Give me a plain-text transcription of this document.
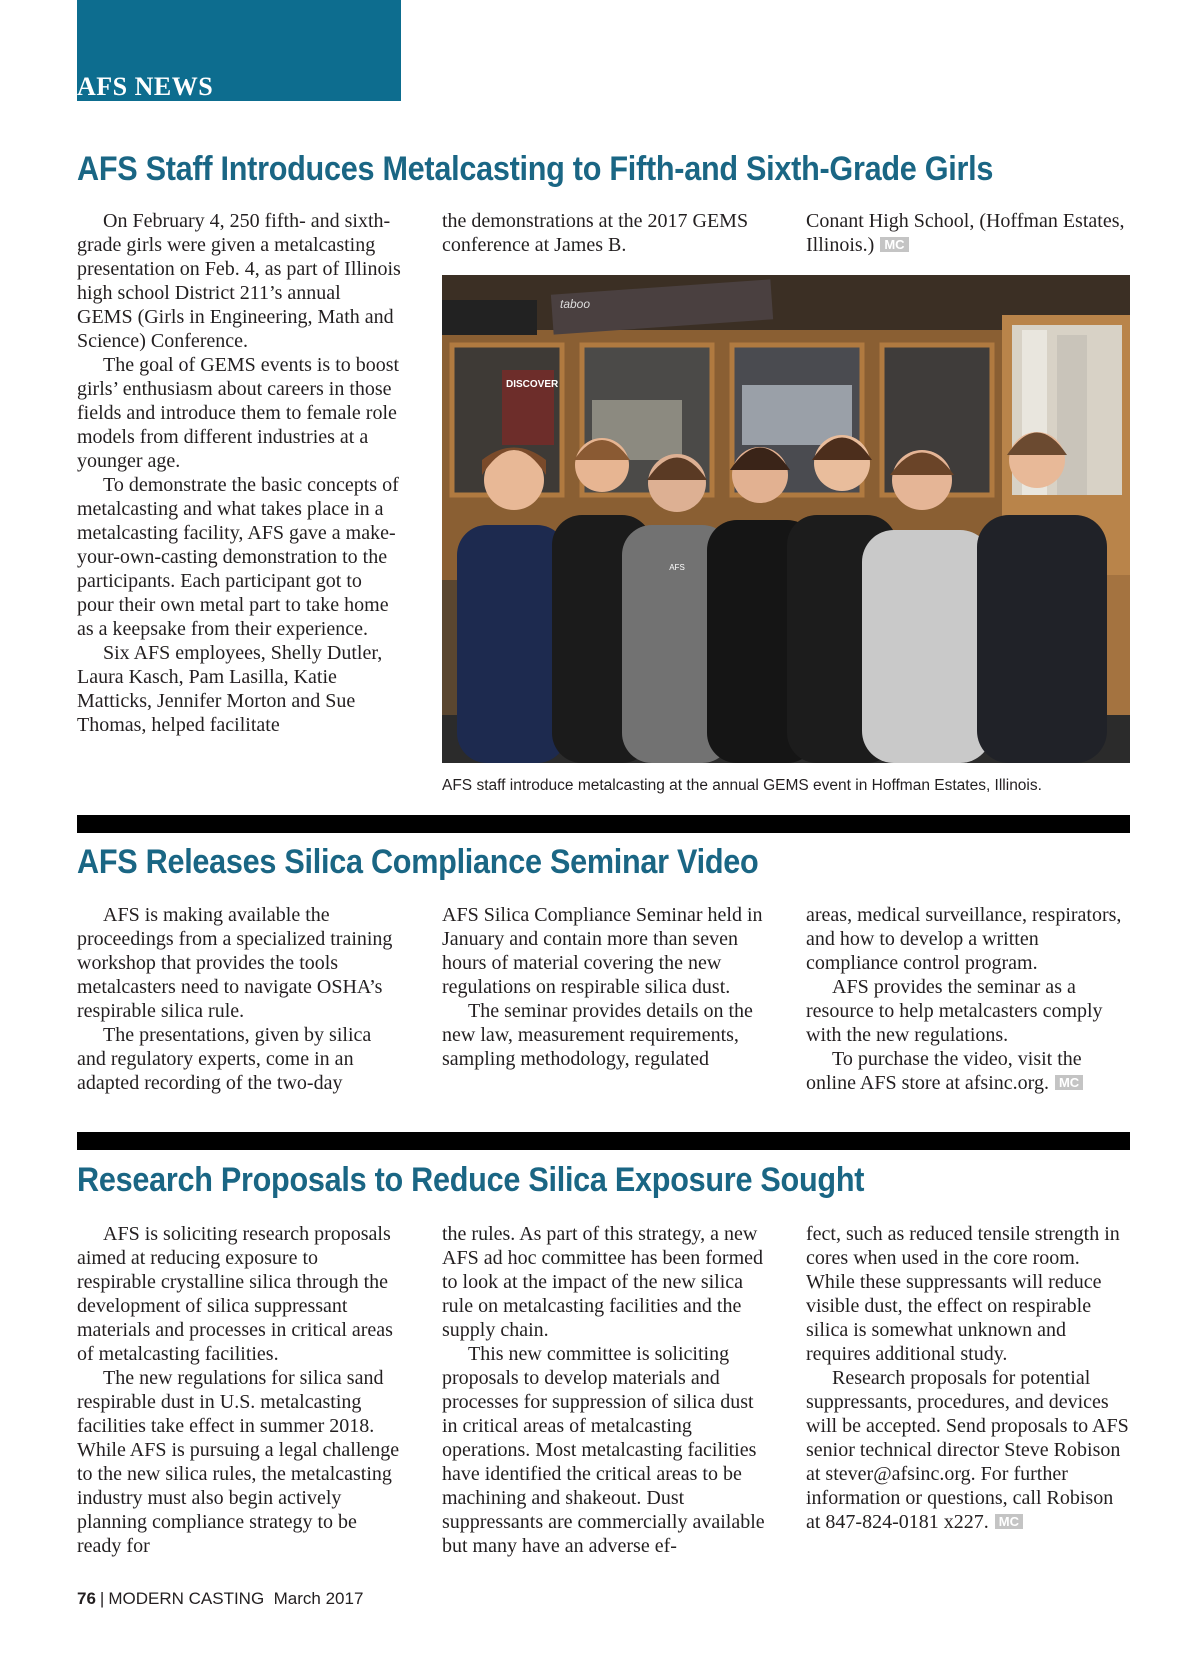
AFS NEWS
AFS Staff Introduces Metalcasting to Fifth-and Sixth-Grade Girls

On February 4, 250 fifth- and sixth-grade girls were given a metalcasting presentation on Feb. 4, as part of Illinois high school District 211’s annual GEMS (Girls in Engineering, Math and Science) Conference.

The goal of GEMS events is to boost girls’ enthusiasm about careers in those fields and introduce them to female role models from different industries at a younger age.

To demonstrate the basic concepts of metalcasting and what takes place in a metalcasting facility, AFS gave a make-your-own-casting demonstration to the participants. Each participant got to pour their own metal part to take home as a keepsake from their experience.

Six AFS employees, Shelly Dutler, Laura Kasch, Pam Lasilla, Katie Matticks, Jennifer Morton and Sue Thomas, helped facilitate

the demonstrations at the 2017 GEMS conference at James B.

Conant High School, (Hoffman Estates, Illinois.) MC

DISCOVER
taboo
AFS

AFS staff introduce metalcasting at the annual GEMS event in Hoffman Estates, Illinois.

AFS Releases Silica Compliance Seminar Video

AFS is making available the proceedings from a specialized training workshop that provides the tools metalcasters need to navigate OSHA’s respirable silica rule.

The presentations, given by silica and regulatory experts, come in an adapted recording of the two-day

AFS Silica Compliance Seminar held in January and contain more than seven hours of material covering the new regulations on respirable silica dust.

The seminar provides details on the new law, measurement requirements, sampling methodology, regulated

areas, medical surveillance, respirators, and how to develop a written compliance control program.

AFS provides the seminar as a resource to help metalcasters comply with the new regulations.

To purchase the video, visit the online AFS store at afsinc.org. MC

Research Proposals to Reduce Silica Exposure Sought

AFS is soliciting research proposals aimed at reducing exposure to respirable crystalline silica through the development of silica suppressant materials and processes in critical areas of metalcasting facilities.

The new regulations for silica sand respirable dust in U.S. metalcasting facilities take effect in summer 2018. While AFS is pursuing a legal challenge to the new silica rules, the metalcasting industry must also begin actively planning compliance strategy to be ready for

the rules. As part of this strategy, a new AFS ad hoc committee has been formed to look at the impact of the new silica rule on metalcasting facilities and the supply chain.

This new committee is soliciting proposals to develop materials and processes for suppression of silica dust in critical areas of metalcasting operations. Most metalcasting facilities have identified the critical areas to be machining and shakeout. Dust suppressants are commercially available but many have an adverse ef-

fect, such as reduced tensile strength in cores when used in the core room. While these suppressants will reduce visible dust, the effect on respirable silica is somewhat unknown and requires additional study.

Research proposals for potential suppressants, procedures, and devices will be accepted. Send proposals to AFS senior technical director Steve Robison at stever@afsinc.org. For further information or questions, call Robison at 847-824-0181 x227. MC

76 | MODERN CASTING March 2017
